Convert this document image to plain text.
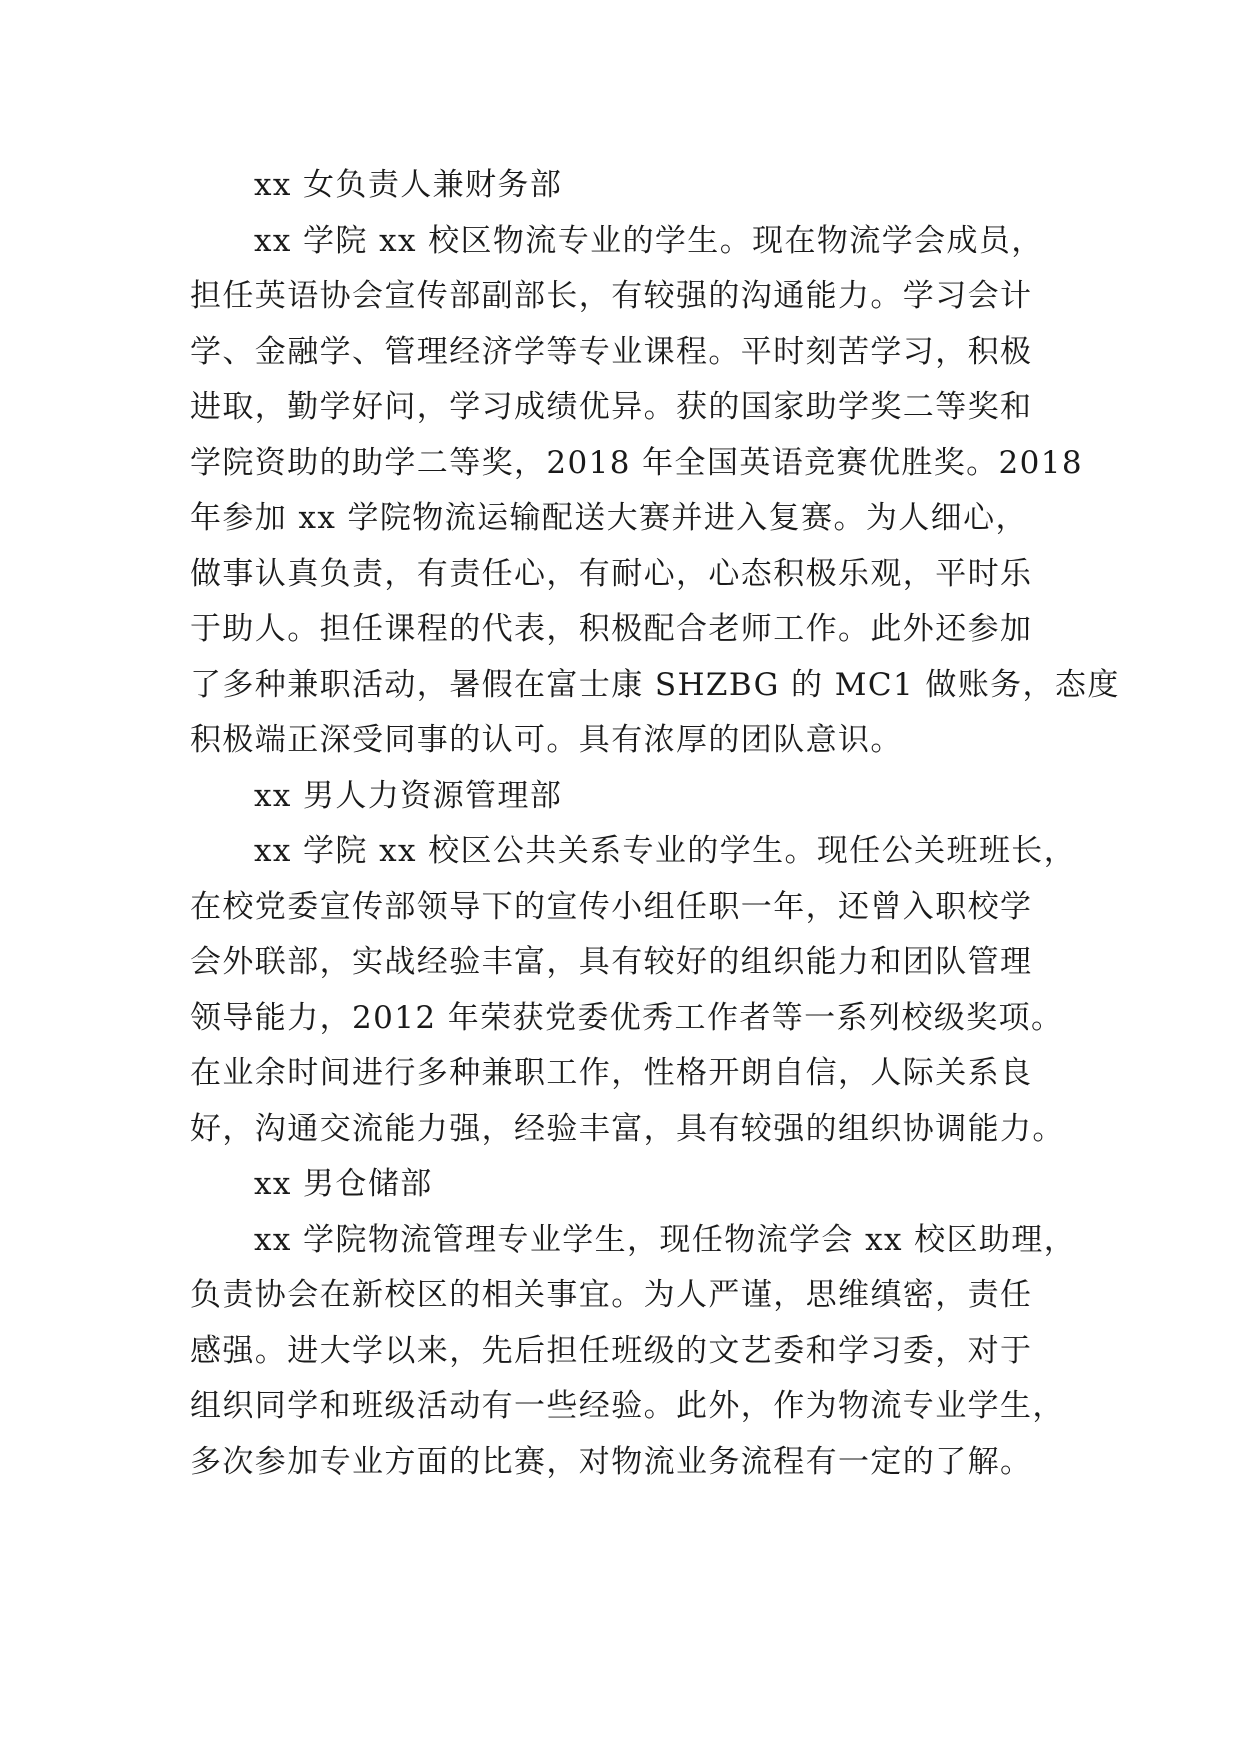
xx 女负责人兼财务部
xx 学院 xx 校区物流专业的学生。现在物流学会成员，
担任英语协会宣传部副部长，有较强的沟通能力。学习会计
学、金融学、管理经济学等专业课程。平时刻苦学习，积极
进取，勤学好问，学习成绩优异。获的国家助学奖二等奖和
学院资助的助学二等奖，2018 年全国英语竞赛优胜奖。2018
年参加 xx 学院物流运输配送大赛并进入复赛。为人细心，
做事认真负责，有责任心，有耐心，心态积极乐观，平时乐
于助人。担任课程的代表，积极配合老师工作。此外还参加
了多种兼职活动，暑假在富士康 SHZBG 的 MC1 做账务，态度
积极端正深受同事的认可。具有浓厚的团队意识。
xx 男人力资源管理部
xx 学院 xx 校区公共关系专业的学生。现任公关班班长，
在校党委宣传部领导下的宣传小组任职一年，还曾入职校学
会外联部，实战经验丰富，具有较好的组织能力和团队管理
领导能力，2012 年荣获党委优秀工作者等一系列校级奖项。
在业余时间进行多种兼职工作，性格开朗自信，人际关系良
好，沟通交流能力强，经验丰富，具有较强的组织协调能力。
xx 男仓储部
xx 学院物流管理专业学生，现任物流学会 xx 校区助理，
负责协会在新校区的相关事宜。为人严谨，思维缜密，责任
感强。进大学以来，先后担任班级的文艺委和学习委，对于
组织同学和班级活动有一些经验。此外，作为物流专业学生，
多次参加专业方面的比赛，对物流业务流程有一定的了解。
